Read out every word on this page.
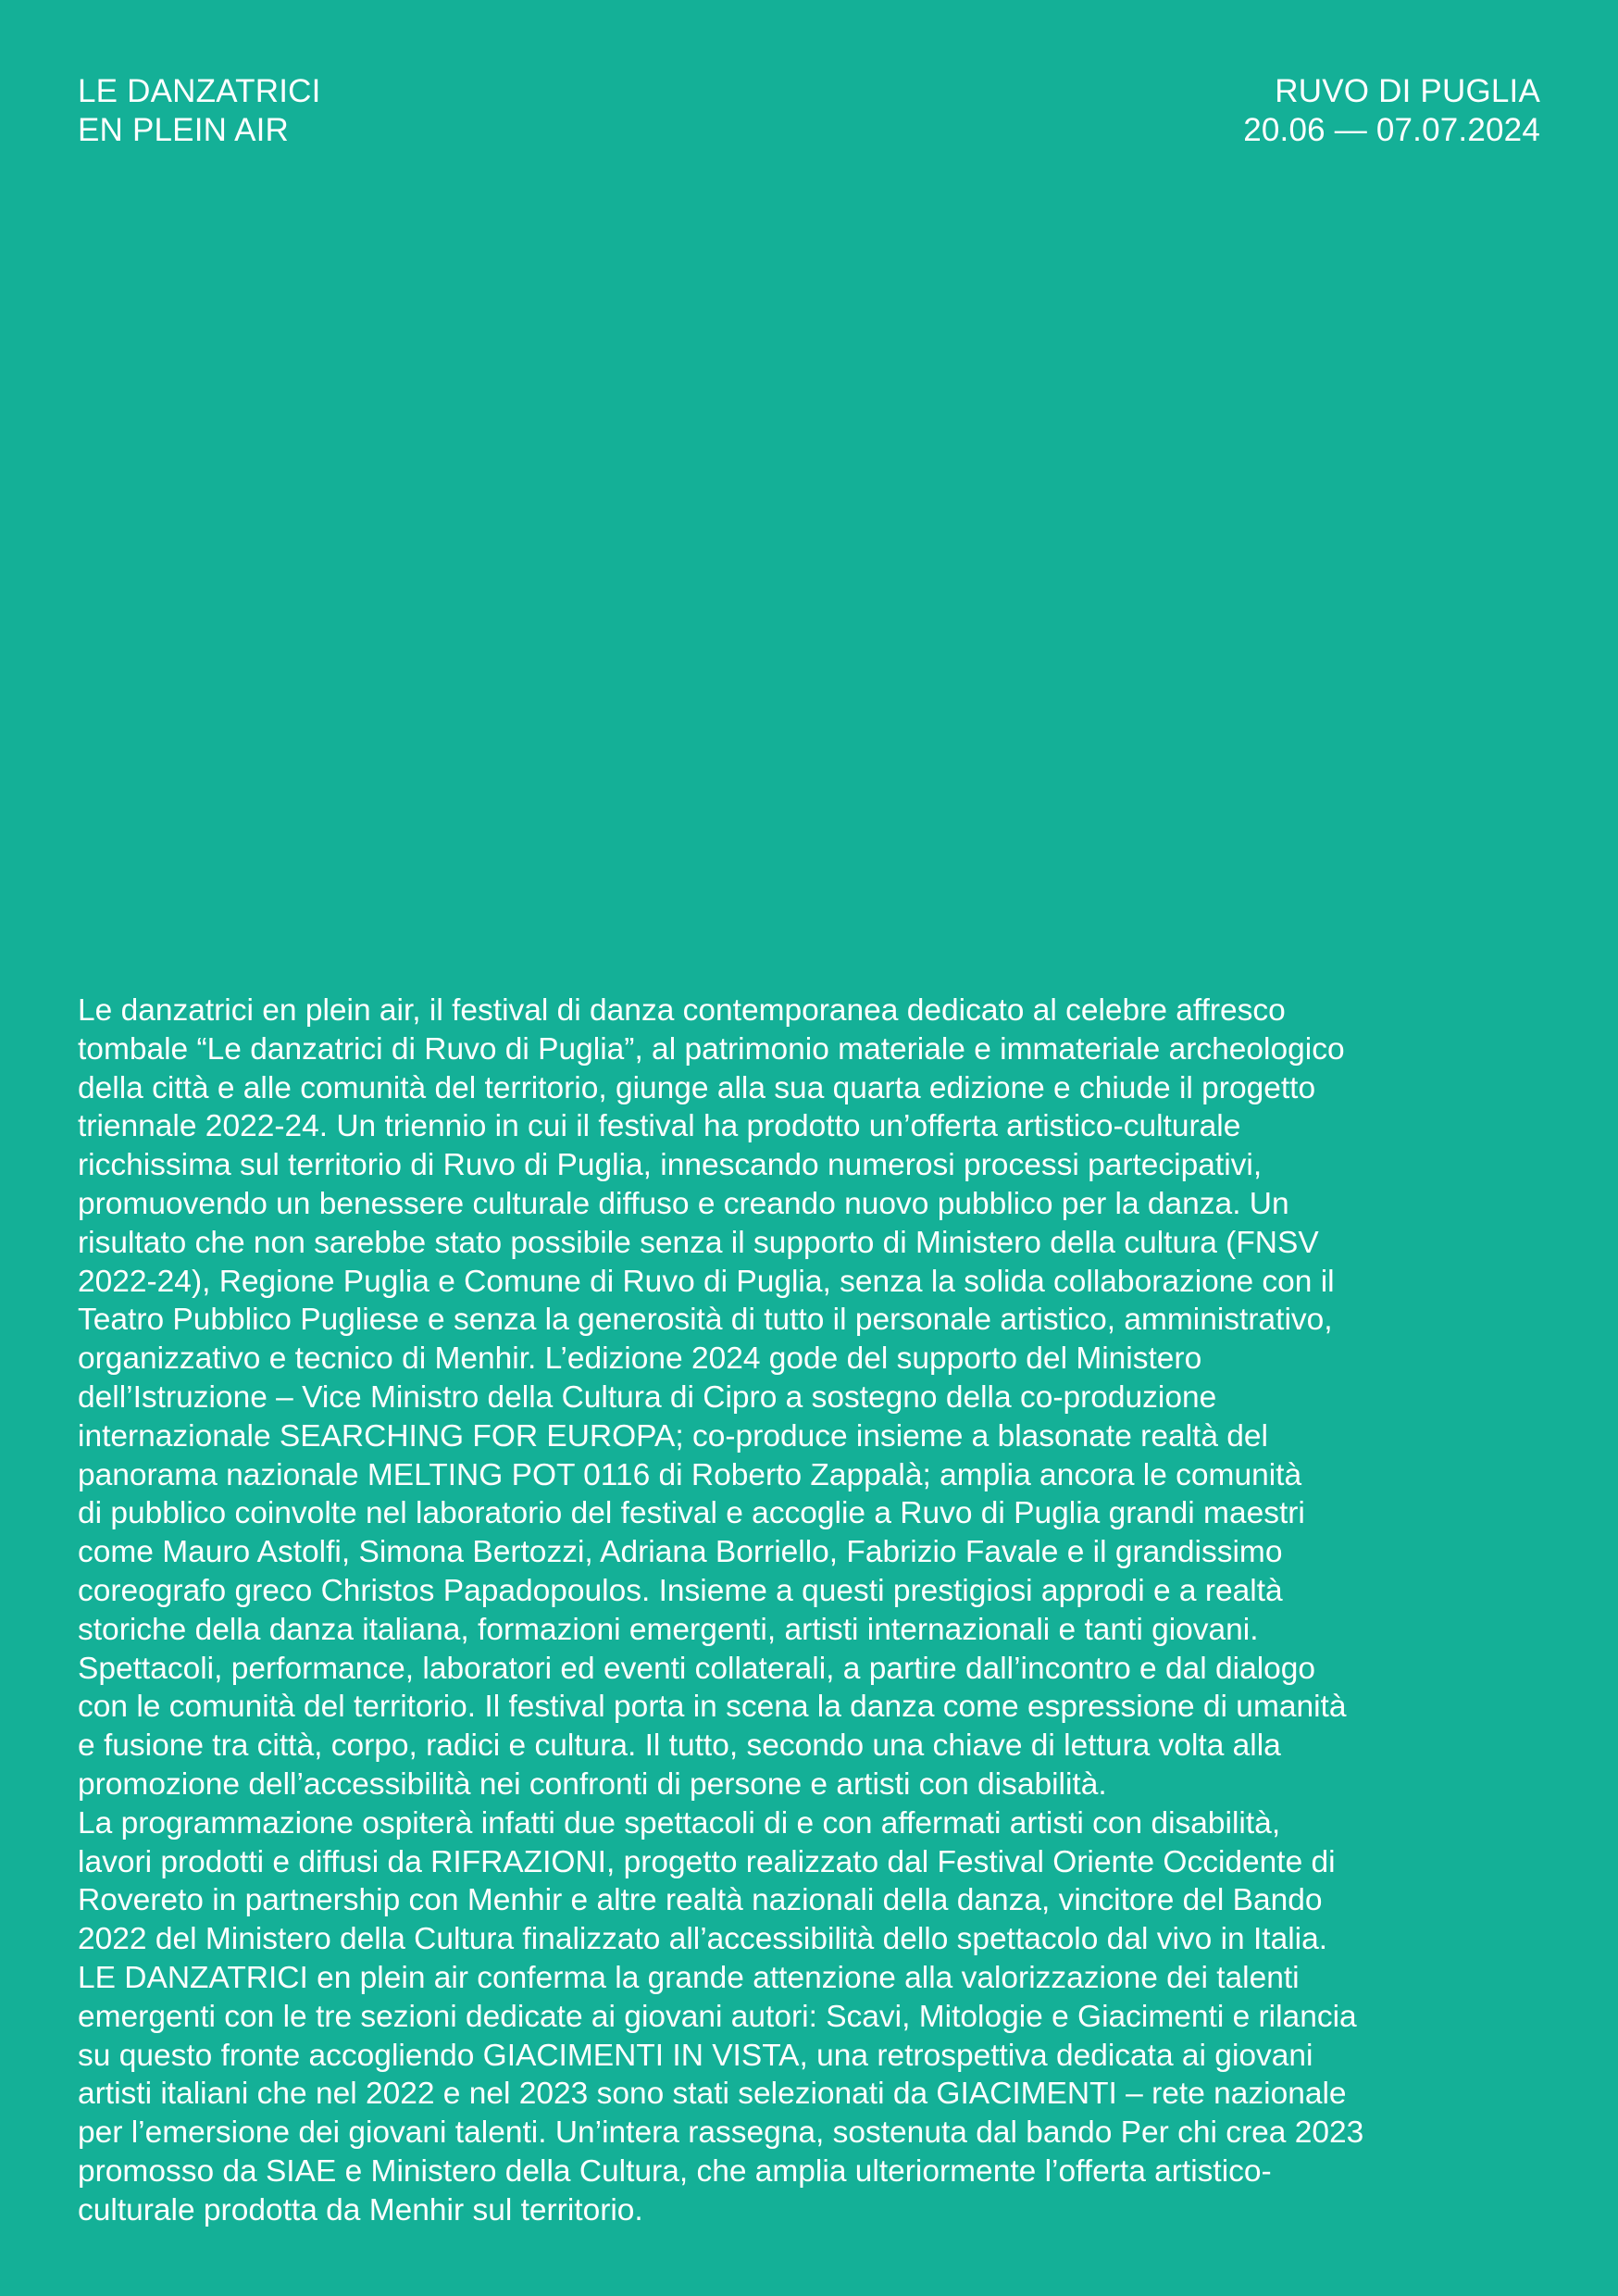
LE DANZATRICI
EN PLEIN AIR
RUVO DI PUGLIA
20.06 — 07.07.2024
Le danzatrici en plein air, il festival di danza contemporanea dedicato al celebre affresco
tombale “Le danzatrici di Ruvo di Puglia”, al patrimonio materiale e immateriale archeologico
della città e alle comunità del territorio, giunge alla sua quarta edizione e chiude il progetto
triennale 2022-24. Un triennio in cui il festival ha prodotto un’offerta artistico-culturale
ricchissima sul territorio di Ruvo di Puglia, innescando numerosi processi partecipativi,
promuovendo un benessere culturale diffuso e creando nuovo pubblico per la danza. Un
risultato che non sarebbe stato possibile senza il supporto di Ministero della cultura (FNSV
2022-24), Regione Puglia e Comune di Ruvo di Puglia, senza la solida collaborazione con il
Teatro Pubblico Pugliese e senza la generosità di tutto il personale artistico, amministrativo,
organizzativo e tecnico di Menhir. L’edizione 2024 gode del supporto del Ministero
dell’Istruzione – Vice Ministro della Cultura di Cipro a sostegno della co-produzione
internazionale SEARCHING FOR EUROPA; co-produce insieme a blasonate realtà del
panorama nazionale MELTING POT 0116 di Roberto Zappalà; amplia ancora le comunità
di pubblico coinvolte nel laboratorio del festival e accoglie a Ruvo di Puglia grandi maestri
come Mauro Astolfi, Simona Bertozzi, Adriana Borriello, Fabrizio Favale e il grandissimo
coreografo greco Christos Papadopoulos. Insieme a questi prestigiosi approdi e a realtà
storiche della danza italiana, formazioni emergenti, artisti internazionali e tanti giovani.
Spettacoli, performance, laboratori ed eventi collaterali, a partire dall’incontro e dal dialogo
con le comunità del territorio. Il festival porta in scena la danza come espressione di umanità
e fusione tra città, corpo, radici e cultura. Il tutto, secondo una chiave di lettura volta alla
promozione dell’accessibilità nei confronti di persone e artisti con disabilità.
La programmazione ospiterà infatti due spettacoli di e con affermati artisti con disabilità,
lavori prodotti e diffusi da RIFRAZIONI, progetto realizzato dal Festival Oriente Occidente di
Rovereto in partnership con Menhir e altre realtà nazionali della danza, vincitore del Bando
2022 del Ministero della Cultura finalizzato all’accessibilità dello spettacolo dal vivo in Italia.
LE DANZATRICI en plein air conferma la grande attenzione alla valorizzazione dei talenti
emergenti con le tre sezioni dedicate ai giovani autori: Scavi, Mitologie e Giacimenti e rilancia
su questo fronte accogliendo GIACIMENTI IN VISTA, una retrospettiva dedicata ai giovani
artisti italiani che nel 2022 e nel 2023 sono stati selezionati da GIACIMENTI – rete nazionale
per l’emersione dei giovani talenti. Un’intera rassegna, sostenuta dal bando Per chi crea 2023
promosso da SIAE e Ministero della Cultura, che amplia ulteriormente l’offerta artistico-
culturale prodotta da Menhir sul territorio.
